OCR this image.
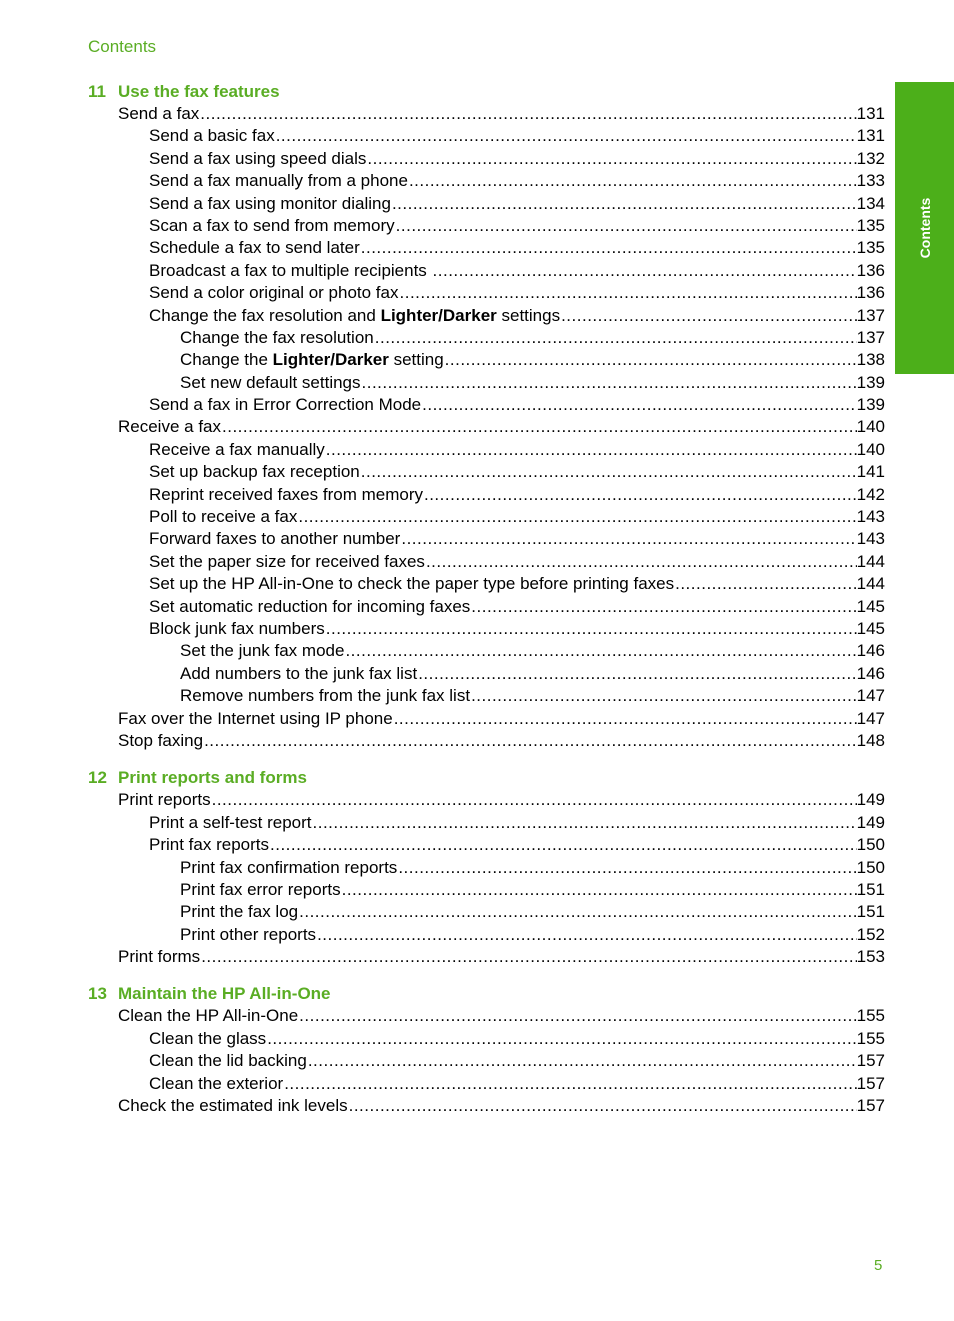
Contents
Contents
11 Use the fax features
Send a fax .....	131
Send a basic fax .....	131
Send a fax using speed dials .....	132
Send a fax manually from a phone .....	133
Send a fax using monitor dialing .....	134
Scan a fax to send from memory .....	135
Schedule a fax to send later .....	135
Broadcast a fax to multiple recipients .....	136
Send a color original or photo fax .....	136
Change the fax resolution and Lighter/Darker settings .....	137
Change the fax resolution .....	137
Change the Lighter/Darker setting .....	138
Set new default settings .....	139
Send a fax in Error Correction Mode .....	139
Receive a fax .....	140
Receive a fax manually .....	140
Set up backup fax reception .....	141
Reprint received faxes from memory .....	142
Poll to receive a fax .....	143
Forward faxes to another number .....	143
Set the paper size for received faxes .....	144
Set up the HP All-in-One to check the paper type before printing faxes .....	144
Set automatic reduction for incoming faxes .....	145
Block junk fax numbers .....	145
Set the junk fax mode .....	146
Add numbers to the junk fax list .....	146
Remove numbers from the junk fax list .....	147
Fax over the Internet using IP phone .....	147
Stop faxing .....	148
12 Print reports and forms
Print reports .....	149
Print a self-test report .....	149
Print fax reports .....	150
Print fax confirmation reports .....	150
Print fax error reports .....	151
Print the fax log .....	151
Print other reports .....	152
Print forms .....	153
13 Maintain the HP All-in-One
Clean the HP All-in-One .....	155
Clean the glass .....	155
Clean the lid backing .....	157
Clean the exterior .....	157
Check the estimated ink levels .....	157
5
